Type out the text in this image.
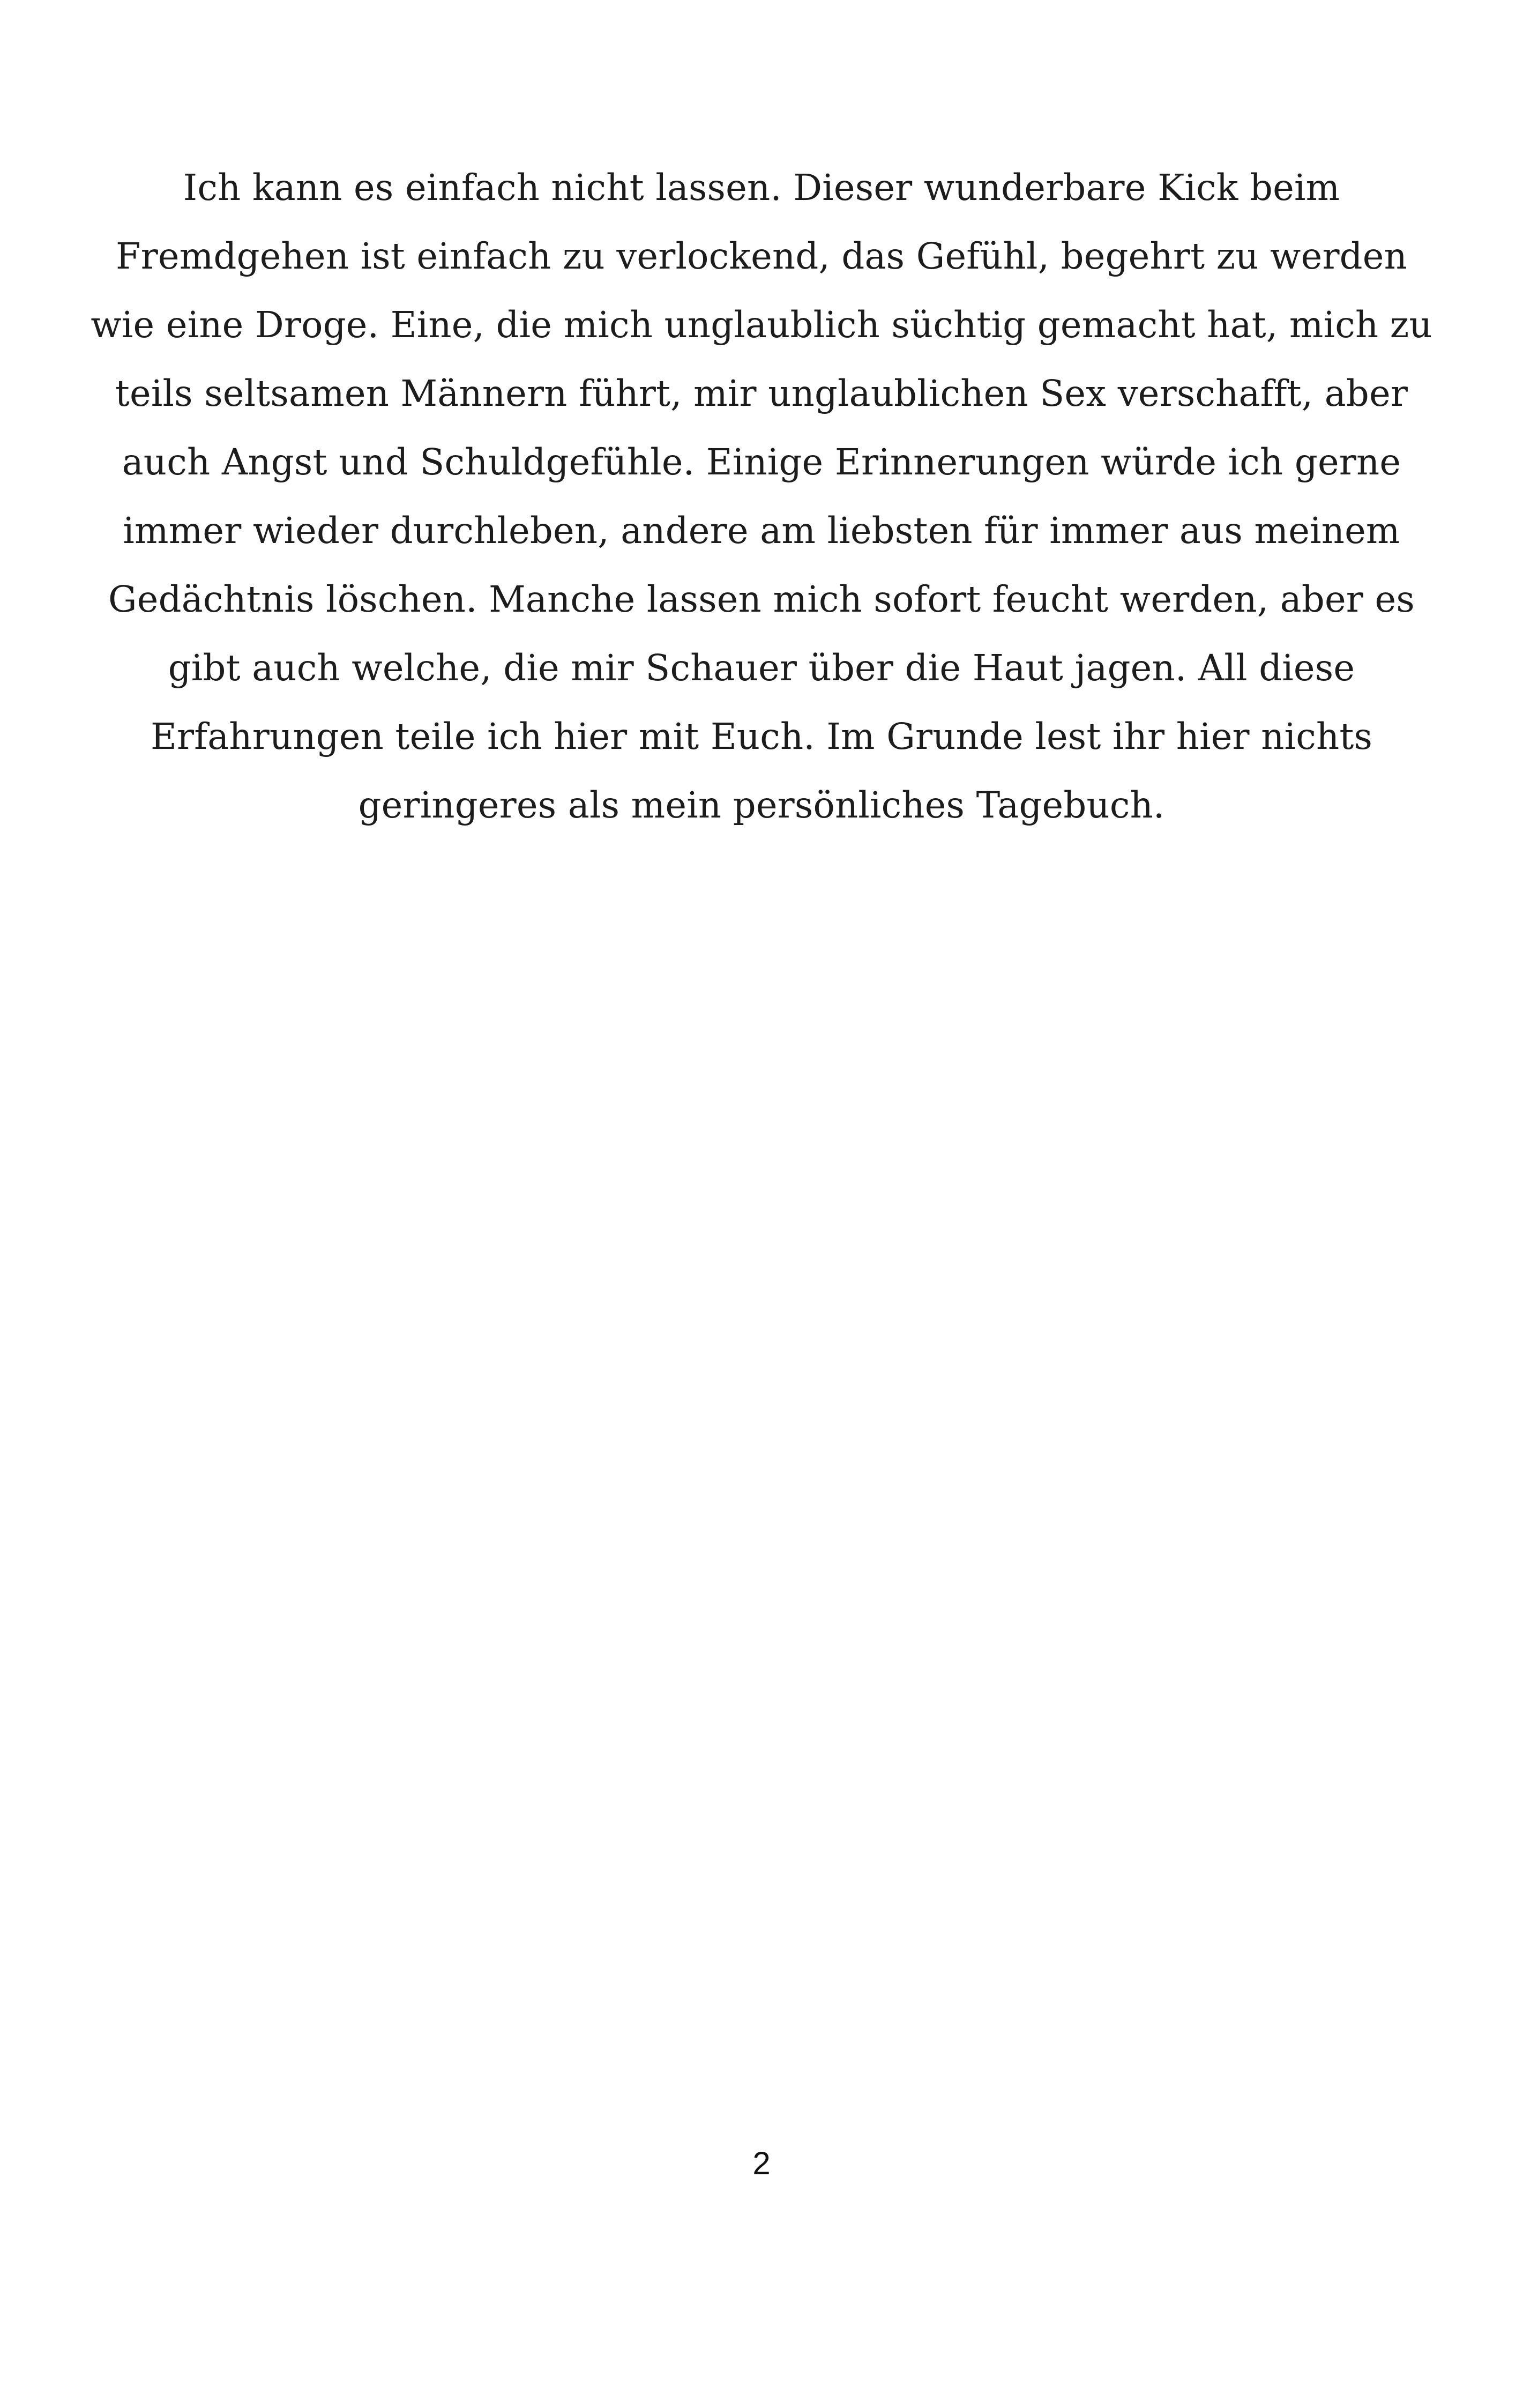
Ich kann es einfach nicht lassen. Dieser wunderbare Kick beim
Fremdgehen ist einfach zu verlockend, das Gefühl, begehrt zu werden
wie eine Droge. Eine, die mich unglaublich süchtig gemacht hat, mich zu
teils seltsamen Männern führt, mir unglaublichen Sex verschafft, aber
auch Angst und Schuldgefühle. Einige Erinnerungen würde ich gerne
immer wieder durchleben, andere am liebsten für immer aus meinem
Gedächtnis löschen. Manche lassen mich sofort feucht werden, aber es
gibt auch welche, die mir Schauer über die Haut jagen. All diese
Erfahrungen teile ich hier mit Euch. Im Grunde lest ihr hier nichts
geringeres als mein persönliches Tagebuch.
2
